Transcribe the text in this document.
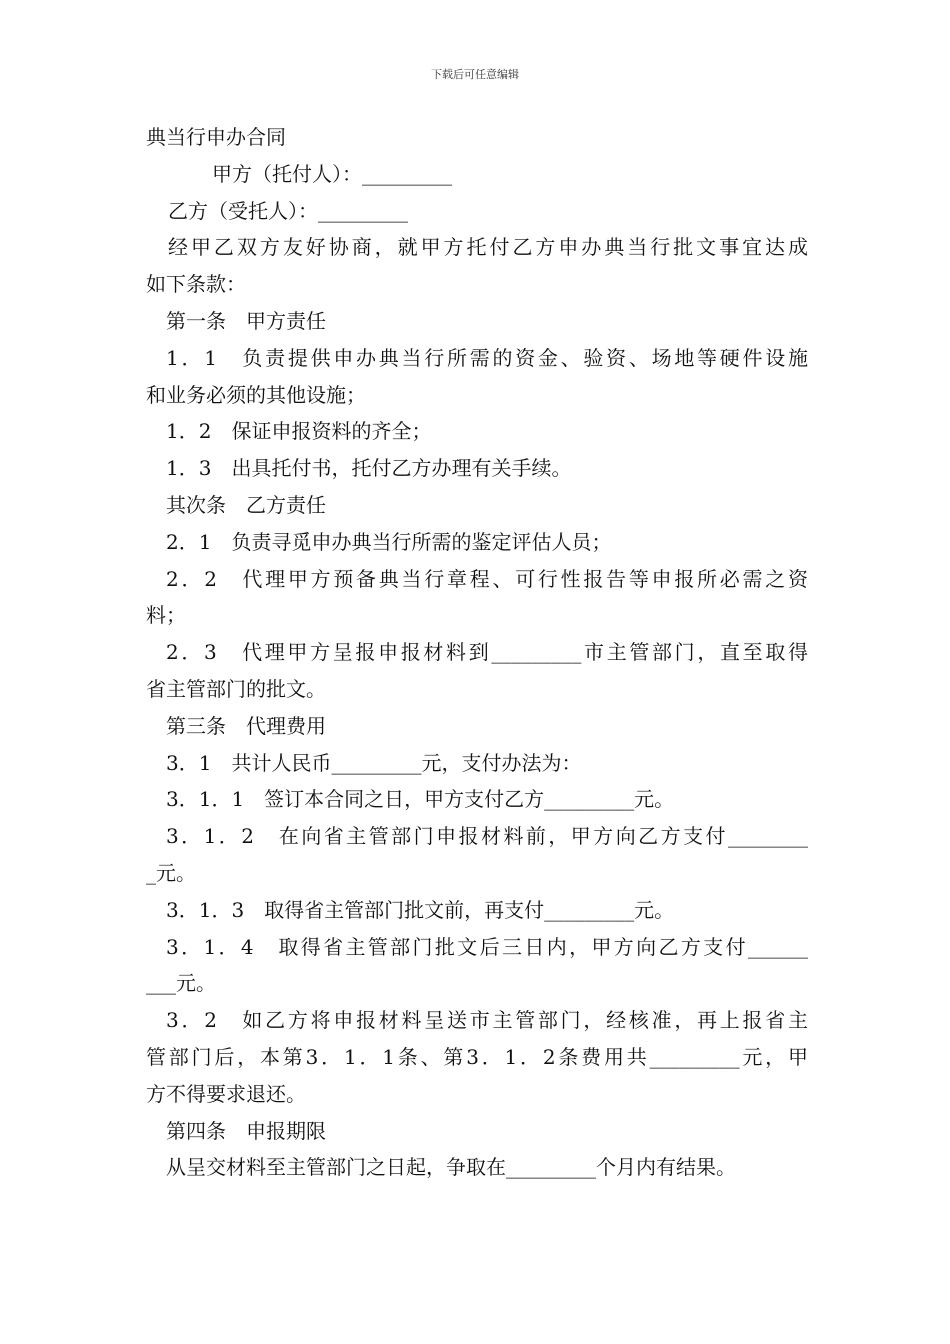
下载后可任意编辑
典当行申办合同
甲方（托付人）：_________
乙方（受托人）：_________
经甲乙双方友好协商，就甲方托付乙方申办典当行批文事宜达成
如下条款：
第一条　甲方责任
1．1　负责提供申办典当行所需的资金、验资、场地等硬件设施
和业务必须的其他设施；
1．2　保证申报资料的齐全；
1．3　出具托付书，托付乙方办理有关手续。
其次条　乙方责任
2．1　负责寻觅申办典当行所需的鉴定评估人员；
2．2　代理甲方预备典当行章程、可行性报告等申报所必需之资
料；
2．3　代理甲方呈报申报材料到_________市主管部门，直至取得
省主管部门的批文。
第三条　代理费用
3．1　共计人民币_________元，支付办法为：
3．1．1　签订本合同之日，甲方支付乙方_________元。
3．1．2　在向省主管部门申报材料前，甲方向乙方支付________
_元。
3．1．3　取得省主管部门批文前，再支付_________元。
3．1．4　取得省主管部门批文后三日内，甲方向乙方支付______
___元。
3．2　如乙方将申报材料呈送市主管部门，经核准，再上报省主
管部门后，本第3．1．1条、第3．1．2条费用共_________元，甲
方不得要求退还。
第四条　申报期限
从呈交材料至主管部门之日起，争取在_________个月内有结果。
